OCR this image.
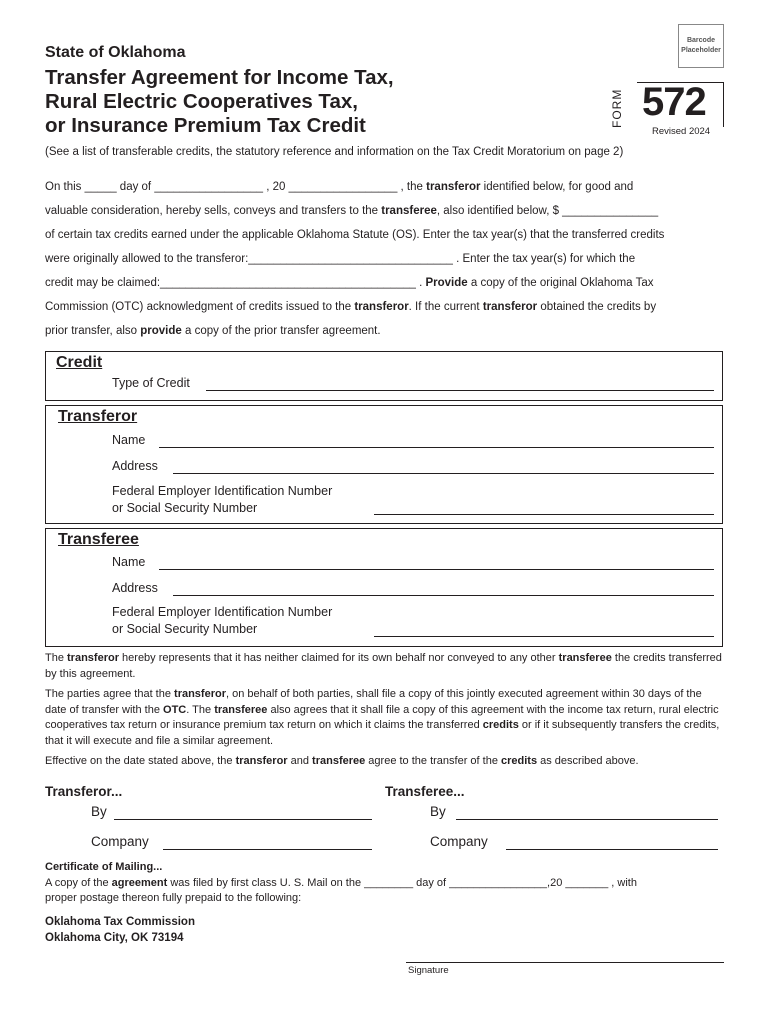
Barcode
Placeholder
State of Oklahoma
Transfer Agreement for Income Tax,
Rural Electric Cooperatives Tax,
or Insurance Premium Tax Credit	FORM 572
Revised 2024
(See a list of transferable credits, the statutory reference and information on the Tax Credit Moratorium on page 2)

On this _____ day of _________________ , 20 _________________ , the transferor identified below, for good and

valuable consideration, hereby sells, conveys and transfers to the transferee, also identified below, $ _______________

of certain tax credits earned under the applicable Oklahoma Statute (OS). Enter the tax year(s) that the transferred credits

were originally allowed to the transferor:________________________________ . Enter the tax year(s) for which the

credit may be claimed:________________________________________ . Provide a copy of the original Oklahoma Tax

Commission (OTC) acknowledgment of credits issued to the transferor. If the current transferor obtained the credits by

prior transfer, also provide a copy of the prior transfer agreement.

Credit
Type of Credit
Transferor
Name
Address
Federal Employer Identification Number
or Social Security Number
Transferee
Name
Address
Federal Employer Identification Number
or Social Security Number

The transferor hereby represents that it has neither claimed for its own behalf nor conveyed to any other transferee the credits transferred by this agreement.

The parties agree that the transferor, on behalf of both parties, shall file a copy of this jointly executed agreement within 30 days of the date of transfer with the OTC. The transferee also agrees that it shall file a copy of this agreement with the income tax return, rural electric cooperatives tax return or insurance premium tax return on which it claims the transferred credits or if it subsequently transfers the credits, that it will execute and file a similar agreement.

Effective on the date stated above, the transferor and transferee agree to the transfer of the credits as described above.

Transferor...	Transferee...
By	By
Company	Company
Certificate of Mailing...
A copy of the agreement was filed by first class U. S. Mail on the ________ day of ________________,20 _______ , with
proper postage thereon fully prepaid to the following:
Oklahoma Tax Commission
Oklahoma City, OK 73194
Signature
